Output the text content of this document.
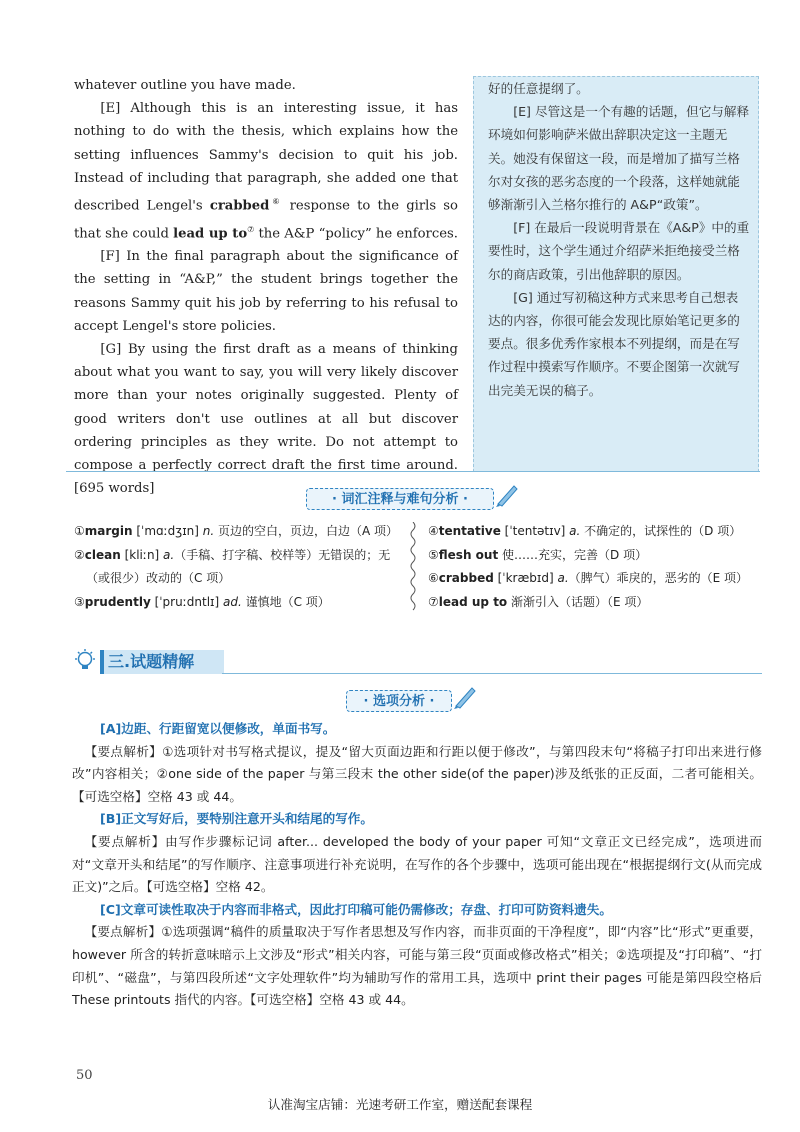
whatever outline you have made.

[E] Although this is an interesting issue, it has nothing to do with the thesis, which explains how the setting influences Sammy's decision to quit his job. Instead of including that paragraph, she added one that described Lengel's crabbed⑥ response to the girls so that she could lead up to⑦ the A&P “policy” he enforces.

[F] In the final paragraph about the significance of the setting in “A&P,” the student brings together the reasons Sammy quit his job by referring to his refusal to accept Lengel's store policies.

[G] By using the first draft as a means of thinking about what you want to say, you will very likely discover more than your notes originally suggested. Plenty of good writers don't use outlines at all but discover ordering principles as they write. Do not attempt to compose a perfectly correct draft the first time around. [695 words]

好的任意提纲了。

[E] 尽管这是一个有趣的话题，但它与解释环境如何影响萨米做出辞职决定这一主题无关。她没有保留这一段，而是增加了描写兰格尔对女孩的恶劣态度的一个段落，这样她就能够渐渐引入兰格尔推行的 A&P“政策”。

[F] 在最后一段说明背景在《A&P》中的重要性时，这个学生通过介绍萨米拒绝接受兰格尔的商店政策，引出他辞职的原因。

[G] 通过写初稿这种方式来思考自己想表达的内容，你很可能会发现比原始笔记更多的要点。很多优秀作家根本不列提纲，而是在写作过程中摸索写作顺序。不要企图第一次就写出完美无误的稿子。

· 词汇注释与难句分析 ·
①margin [ˈmɑːdʒɪn] n. 页边的空白，页边，白边（A 项）
②clean [kliːn] a.（手稿、打字稿、校样等）无错误的；无
（或很少）改动的（C 项）
③prudently [ˈpruːdntlɪ] ad. 谨慎地（C 项）
④tentative [ˈtentətɪv] a. 不确定的，试探性的（D 项）
⑤flesh out 使……充实，完善（D 项）
⑥crabbed [ˈkræbɪd] a.（脾气）乖戾的，恶劣的（E 项）
⑦lead up to 渐渐引入（话题）（E 项）
三.试题精解
· 选项分析 ·

[A]边距、行距留宽以便修改，单面书写。

【要点解析】①选项针对书写格式提议，提及“留大页面边距和行距以便于修改”，与第四段末句“将稿子打印出来进行修改”内容相关；②one side of the paper 与第三段末 the other side(of the paper)涉及纸张的正反面，二者可能相关。【可选空格】空格 43 或 44。

[B]正文写好后，要特别注意开头和结尾的写作。

【要点解析】由写作步骤标记词 after... developed the body of your paper 可知“文章正文已经完成”，选项进而对“文章开头和结尾”的写作顺序、注意事项进行补充说明，在写作的各个步骤中，选项可能出现在“根据提纲行文(从而完成正文)”之后。【可选空格】空格 42。

[C]文章可读性取决于内容而非格式，因此打印稿可能仍需修改；存盘、打印可防资料遗失。

【要点解析】①选项强调“稿件的质量取决于写作者思想及写作内容，而非页面的干净程度”，即“内容”比“形式”更重要，however 所含的转折意味暗示上文涉及“形式”相关内容，可能与第三段“页面或修改格式”相关；②选项提及“打印稿”、“打印机”、“磁盘”，与第四段所述“文字处理软件”均为辅助写作的常用工具，选项中 print their pages 可能是第四段空格后 These printouts 指代的内容。【可选空格】空格 43 或 44。

50
认准淘宝店铺：光速考研工作室，赠送配套课程
